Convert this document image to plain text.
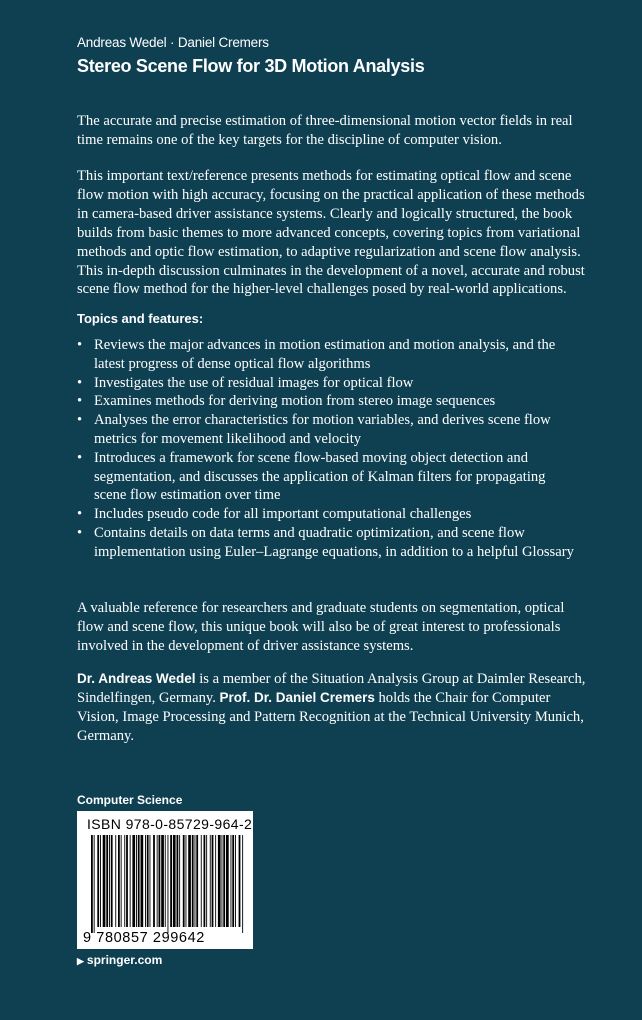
Andreas Wedel · Daniel Cremers
Stereo Scene Flow for 3D Motion Analysis

The accurate and precise estimation of three-dimensional motion vector fields in real time remains one of the key targets for the discipline of computer vision.

This important text/reference presents methods for estimating optical flow and scene flow motion with high accuracy, focusing on the practical application of these methods in camera-based driver assistance systems. Clearly and logically structured, the book builds from basic themes to more advanced concepts, covering topics from variational methods and optic flow estimation, to adaptive regularization and scene flow analysis. This in-depth discussion culminates in the development of a novel, accurate and robust scene flow method for the higher-level challenges posed by real-world applications.

Topics and features:
• Reviews the major advances in motion estimation and motion analysis, and the latest progress of dense optical flow algorithms
• Investigates the use of residual images for optical flow
• Examines methods for deriving motion from stereo image sequences
• Analyses the error characteristics for motion variables, and derives scene flow metrics for movement likelihood and velocity
• Introduces a framework for scene flow-based moving object detection and segmentation, and discusses the application of Kalman filters for propagating scene flow estimation over time
• Includes pseudo code for all important computational challenges
• Contains details on data terms and quadratic optimization, and scene flow implementation using Euler–Lagrange equations, in addition to a helpful Glossary

A valuable reference for researchers and graduate students on segmentation, optical flow and scene flow, this unique book will also be of great interest to professionals involved in the development of driver assistance systems.

Dr. Andreas Wedel is a member of the Situation Analysis Group at Daimler Research, Sindelfingen, Germany. Prof. Dr. Daniel Cremers holds the Chair for Computer Vision, Image Processing and Pattern Recognition at the Technical University Munich, Germany.

Computer Science
ISBN 978-0-85729-964-2
9 780857 299642
▶ springer.com
